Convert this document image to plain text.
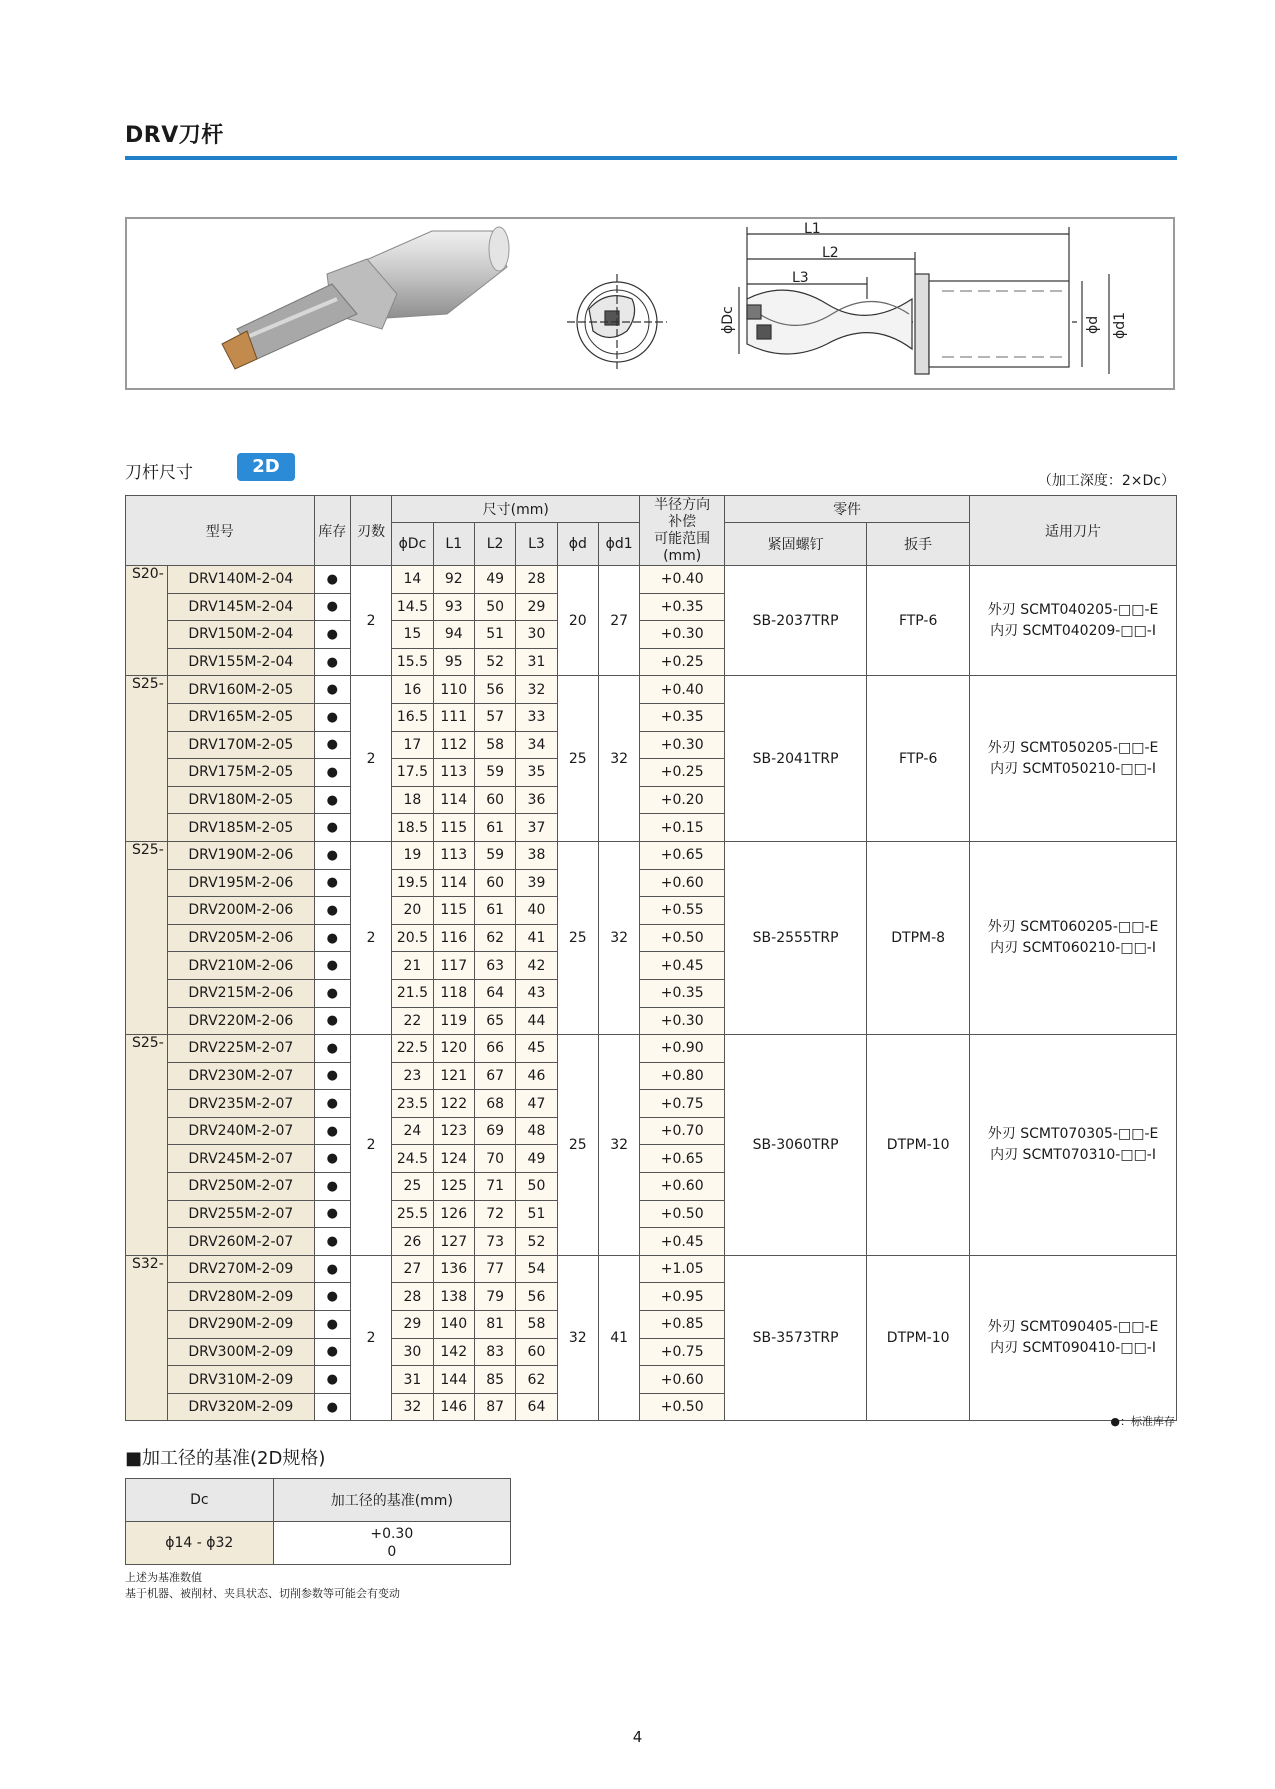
DRV刀杆
L1
L2
L3
ϕDc	ϕd ϕd1
刀杆尺寸	2D
（加工深度：2×Dc）
型号		库存	刃数	尺寸(mm)						半径方向
补偿
可能范围
(mm)	零件		适用刀片
				ϕDc	L1	L2	L3	ϕd	ϕd1		紧固螺钉	扳手	
S20-	DRV140M-2-04	●	2	14	92	49	28	20	27	+0.40	SB-2037TRP	FTP-6	外刃 SCMT040205-□□-E
内刃 SCMT040209-□□-I

	DRV145M-2-04	●		14.5	93	50	29			+0.35			
	DRV150M-2-04	●		15	94	51	30			+0.30			
	DRV155M-2-04	●		15.5	95	52	31			+0.25			
S25-	DRV160M-2-05	●	2	16	110	56	32	25	32	+0.40	SB-2041TRP	FTP-6	外刃 SCMT050205-□□-E
内刃 SCMT050210-□□-I

	DRV165M-2-05	●		16.5	111	57	33			+0.35			
	DRV170M-2-05	●		17	112	58	34			+0.30			
	DRV175M-2-05	●		17.5	113	59	35			+0.25			
	DRV180M-2-05	●		18	114	60	36			+0.20			
	DRV185M-2-05	●		18.5	115	61	37			+0.15			
S25-	DRV190M-2-06	●	2	19	113	59	38	25	32	+0.65	SB-2555TRP	DTPM-8	外刃 SCMT060205-□□-E
内刃 SCMT060210-□□-I

	DRV195M-2-06	●		19.5	114	60	39			+0.60			
	DRV200M-2-06	●		20	115	61	40			+0.55			
	DRV205M-2-06	●		20.5	116	62	41			+0.50			
	DRV210M-2-06	●		21	117	63	42			+0.45			
	DRV215M-2-06	●		21.5	118	64	43			+0.35			
	DRV220M-2-06	●		22	119	65	44			+0.30			
S25-	DRV225M-2-07	●	2	22.5	120	66	45	25	32	+0.90	SB-3060TRP	DTPM-10	外刃 SCMT070305-□□-E
内刃 SCMT070310-□□-I

	DRV230M-2-07	●		23	121	67	46			+0.80			
	DRV235M-2-07	●		23.5	122	68	47			+0.75			
	DRV240M-2-07	●		24	123	69	48			+0.70			
	DRV245M-2-07	●		24.5	124	70	49			+0.65			
	DRV250M-2-07	●		25	125	71	50			+0.60			
	DRV255M-2-07	●		25.5	126	72	51			+0.50			
	DRV260M-2-07	●		26	127	73	52			+0.45			
S32-	DRV270M-2-09	●	2	27	136	77	54	32	41	+1.05	SB-3573TRP	DTPM-10	外刃 SCMT090405-□□-E
内刃 SCMT090410-□□-I

	DRV280M-2-09	●		28	138	79	56			+0.95			
	DRV290M-2-09	●		29	140	81	58			+0.85			
	DRV300M-2-09	●		30	142	83	60			+0.75			
	DRV310M-2-09	●		31	144	85	62			+0.60			
	DRV320M-2-09	●		32	146	87	64			+0.50			
●：标准库存
■加工径的基准(2D规格)
Dc	加工径的基准(mm)
ϕ14 - ϕ32	+0.30
0
上述为基准数值
基于机器、被削材、夹具状态、切削参数等可能会有变动
4
